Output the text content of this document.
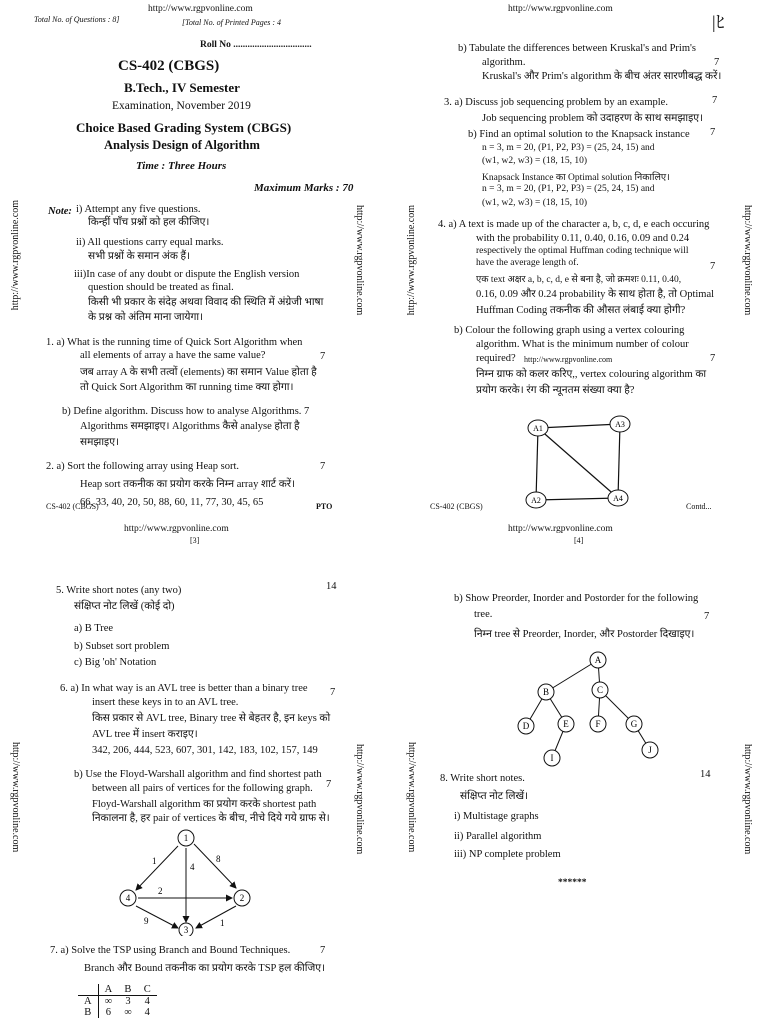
http://www.rgpvonline.com
Total No. of Questions : 8]	[Total No. of Printed Pages : 4
Roll No .................................
CS-402 (CBGS)
B.Tech., IV Semester
Examination, November 2019
Choice Based Grading System (CBGS)
Analysis Design of Algorithm
Time : Three Hours
Maximum Marks : 70
Note: i) Attempt any five questions.
किन्हीं पाँच प्रश्नों को हल कीजिए।
ii) All questions carry equal marks.
सभी प्रश्नों के समान अंक हैं।
iii)In case of any doubt or dispute the English version
question should be treated as final.
किसी भी प्रकार के संदेह अथवा विवाद की स्थिति में अंग्रेजी भाषा
के प्रश्न को अंतिम माना जायेगा।
1. a) What is the running time of Quick Sort Algorithm when
all elements of array a have the same value?	7
जब array A के सभी तत्वों (elements) का समान Value होता है
तो Quick Sort Algorithm का running time क्या होगा।
b) Define algorithm. Discuss how to analyse Algorithms. 7
Algorithms समझाइए। Algorithms कैसे analyse होता है
समझाइए।
2. a) Sort the following array using Heap sort.	7
Heap sort तकनीक का प्रयोग करके निम्न array शार्ट करें।
66, 33, 40, 20, 50, 88, 60, 11, 77, 30, 45, 65
CS-402 (CBGS)	PTO
http://www.rgpvonline.com	http://www.rgpvonline.com
http://www.rgpvonline.com
|ﾋ
b) Tabulate the differences between Kruskal's and Prim's
algorithm.	7
Kruskal's और Prim's algorithm के बीच अंतर सारणीबद्ध करें।
3. a) Discuss job sequencing problem by an example.	7
Job sequencing problem को उदाहरण के साथ समझाइए।
b) Find an optimal solution to the Knapsack instance 7
n = 3, m = 20, (P1, P2, P3) = (25, 24, 15) and
(w1, w2, w3) = (18, 15, 10)
Knapsack Instance का Optimal solution निकालिए।
n = 3, m = 20, (P1, P2, P3) = (25, 24, 15) and
(w1, w2, w3) = (18, 15, 10)
4. a) A text is made up of the character a, b, c, d, e each occuring
with the probability 0.11, 0.40, 0.16, 0.09 and 0.24
respectively the optimal Huffman coding technique will
have the average length of.	7
एक text अक्षर a, b, c, d, e से बना है, जो क्रमशः 0.11, 0.40,
0.16, 0.09 और 0.24 probability के साथ होता है, तो Optimal
Huffman Coding तकनीक की औसत लंबाई क्या होगी?
b) Colour the following graph using a vertex colouring
algorithm. What is the minimum number of colour
required? http://www.rgpvonline.com	7
निम्न ग्राफ को कलर करिए,, vertex colouring algorithm का
प्रयोग करके। रंग की न्यूनतम संख्या क्या है?
A1	A3
A2	A4
CS-402 (CBGS)	Contd...
http://www.rgpvonline.com	http://www.rgpvonline.com
http://www.rgpvonline.com
[3]
5. Write short notes (any two)	14
संक्षिप्त नोट लिखें (कोई दो)
a) B Tree
b) Subset sort problem
c) Big 'oh' Notation
6. a) In what way is an AVL tree is better than a binary tree
insert these keys in to an AVL tree.
7
किस प्रकार से AVL tree, Binary tree से बेहतर है, इन keys को
AVL tree में insert कराइए।
342, 206, 444, 523, 607, 301, 142, 183, 102, 157, 149
b) Use the Floyd-Warshall algorithm and find shortest path
between all pairs of vertices for the following graph. 7
Floyd-Warshall algorithm का प्रयोग करके shortest path
निकालना है, हर pair of vertices के बीच, नीचे दिये गये ग्राफ से।
1
2
3
4
1	8
4
2
9	1
7. a) Solve the TSP using Branch and Bound Techniques.	7
Branch और Bound तकनीक का प्रयोग करके TSP हल कीजिए।
	A	B	C
A	∞	3	4
B	6	∞	4
http://www.rgpvonline.com	http://www.rgpvonline.com
http://www.rgpvonline.com
[4]
b) Show Preorder, Inorder and Postorder for the following
tree.	7
निम्न tree से Preorder, Inorder, और Postorder दिखाइए।
A
B	C
D	E	F	G
I
J
8. Write short notes.	14
संक्षिप्त नोट लिखें।
i) Multistage graphs
ii) Parallel algorithm
iii) NP complete problem
******
http://www.rgpvonline.com	http://www.rgpvonline.com
